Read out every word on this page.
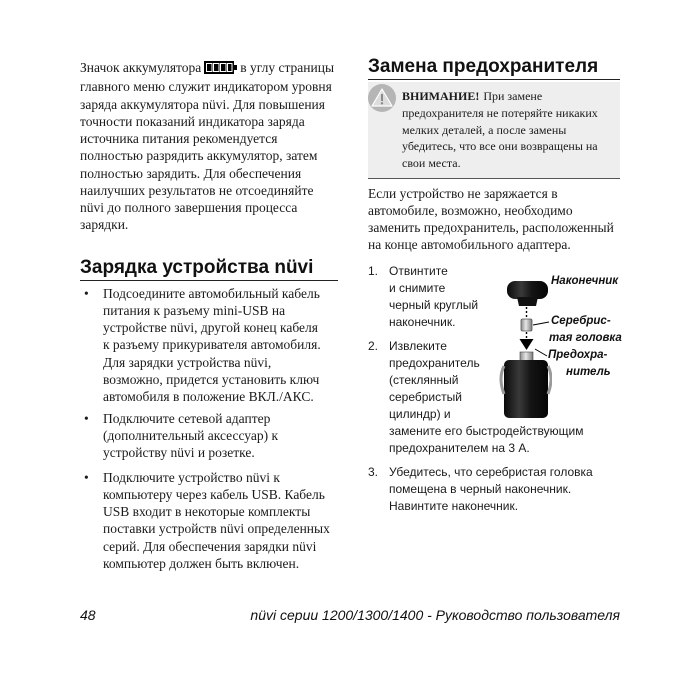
Значок аккумулятора	в углу страницы
главного меню служит индикатором уровня
заряда аккумулятора nüvi. Для повышения
точности показаний индикатора заряда
источника питания рекомендуется
полностью разрядить аккумулятор, затем
полностью зарядить. Для обеспечения
наилучших результатов не отсоединяйте
nüvi до полного завершения процесса
зарядки.
Зарядка устройства nüvi
• Подсоедините автомобильный кабель
питания к разъему mini-USB на
устройстве nüvi, другой конец кабеля
к разъему прикуривателя автомобиля.
Для зарядки устройства nüvi,
возможно, придется установить ключ
автомобиля в положение ВКЛ./АКС.
• Подключите сетевой адаптер
(дополнительный аксессуар) к
устройству nüvi и розетке.
• Подключите устройство nüvi к
компьютеру через кабель USB. Кабель
USB входит в некоторые комплекты
поставки устройств nüvi определенных
серий. Для обеспечения зарядки nüvi
компьютер должен быть включен.
Замена предохранителя
ВНИМАНИЕ! При замене
предохранителя не потеряйте никаких
мелких деталей, а после замены
убедитесь, что все они возвращены на
свои места.
Если устройство не заряжается в
автомобиле, возможно, необходимо
заменить предохранитель, расположенный
на конце автомобильного адаптера.
1. Отвинтите
и снимите
черный круглый
наконечник.
2. Извлеките
предохранитель
(стеклянный
серебристый
цилиндр) и
замените его быстродействующим
предохранителем на 3 А.
3. Убедитесь, что серебристая головка
помещена в черный наконечник.
Навинтите наконечник.
Наконечник
Серебрис-
тая головка
Предохра-
нитель
48	nüvi серии 1200/1300/1400 - Руководство пользователя
